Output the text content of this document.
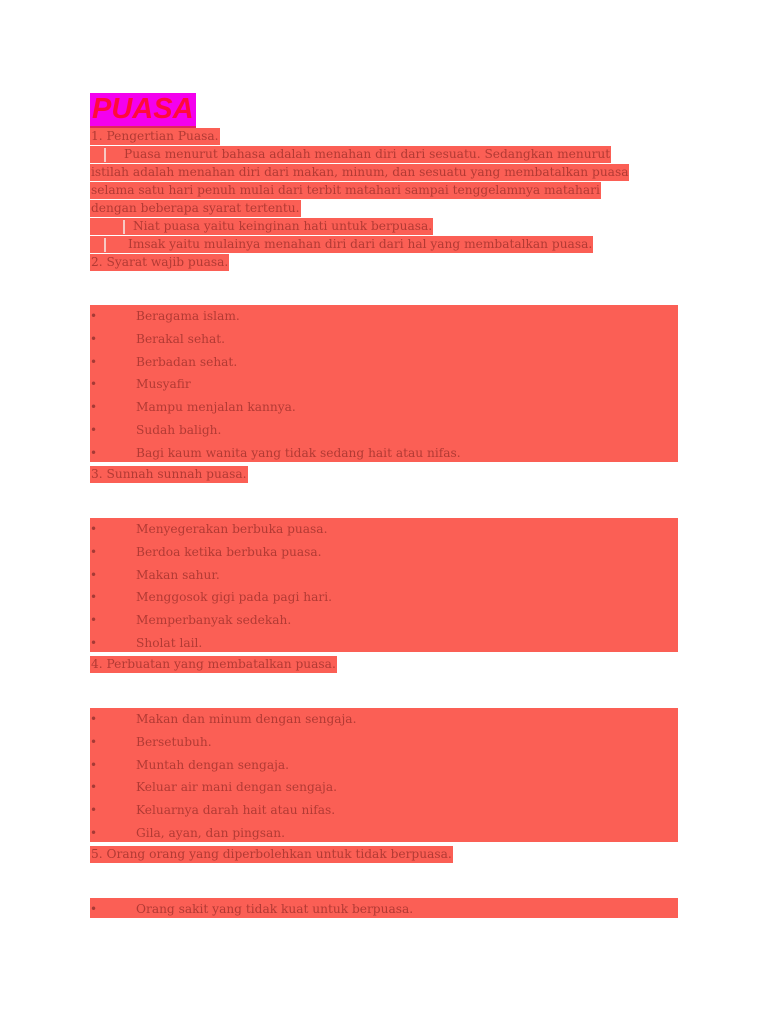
PUASA
1. Pengertian Puasa.
Puasa menurut bahasa adalah menahan diri dari sesuatu. Sedangkan menurut
istilah adalah menahan diri dari makan, minum, dan sesuatu yang membatalkan puasa
selama satu hari penuh mulai dari terbit matahari sampai tenggelamnya matahari
dengan beberapa syarat tertentu.
Niat puasa yaitu keinginan hati untuk berpuasa.
Imsak yaitu mulainya menahan diri dari dari hal yang membatalkan puasa.
2. Syarat wajib puasa.
•	Beragama islam.
•	Berakal sehat.
•	Berbadan sehat.
•	Musyafir
•	Mampu menjalan kannya.
•	Sudah baligh.
•	Bagi kaum wanita yang tidak sedang hait atau nifas.
3. Sunnah sunnah puasa.
•	Menyegerakan berbuka puasa.
•	Berdoa ketika berbuka puasa.
•	Makan sahur.
•	Menggosok gigi pada pagi hari.
•	Memperbanyak sedekah.
•	Sholat lail.
4. Perbuatan yang membatalkan puasa.
•	Makan dan minum dengan sengaja.
•	Bersetubuh.
•	Muntah dengan sengaja.
•	Keluar air mani dengan sengaja.
•	Keluarnya darah hait atau nifas.
•	Gila, ayan, dan pingsan.
5. Orang orang yang diperbolehkan untuk tidak berpuasa.
•	Orang sakit yang tidak kuat untuk berpuasa.
